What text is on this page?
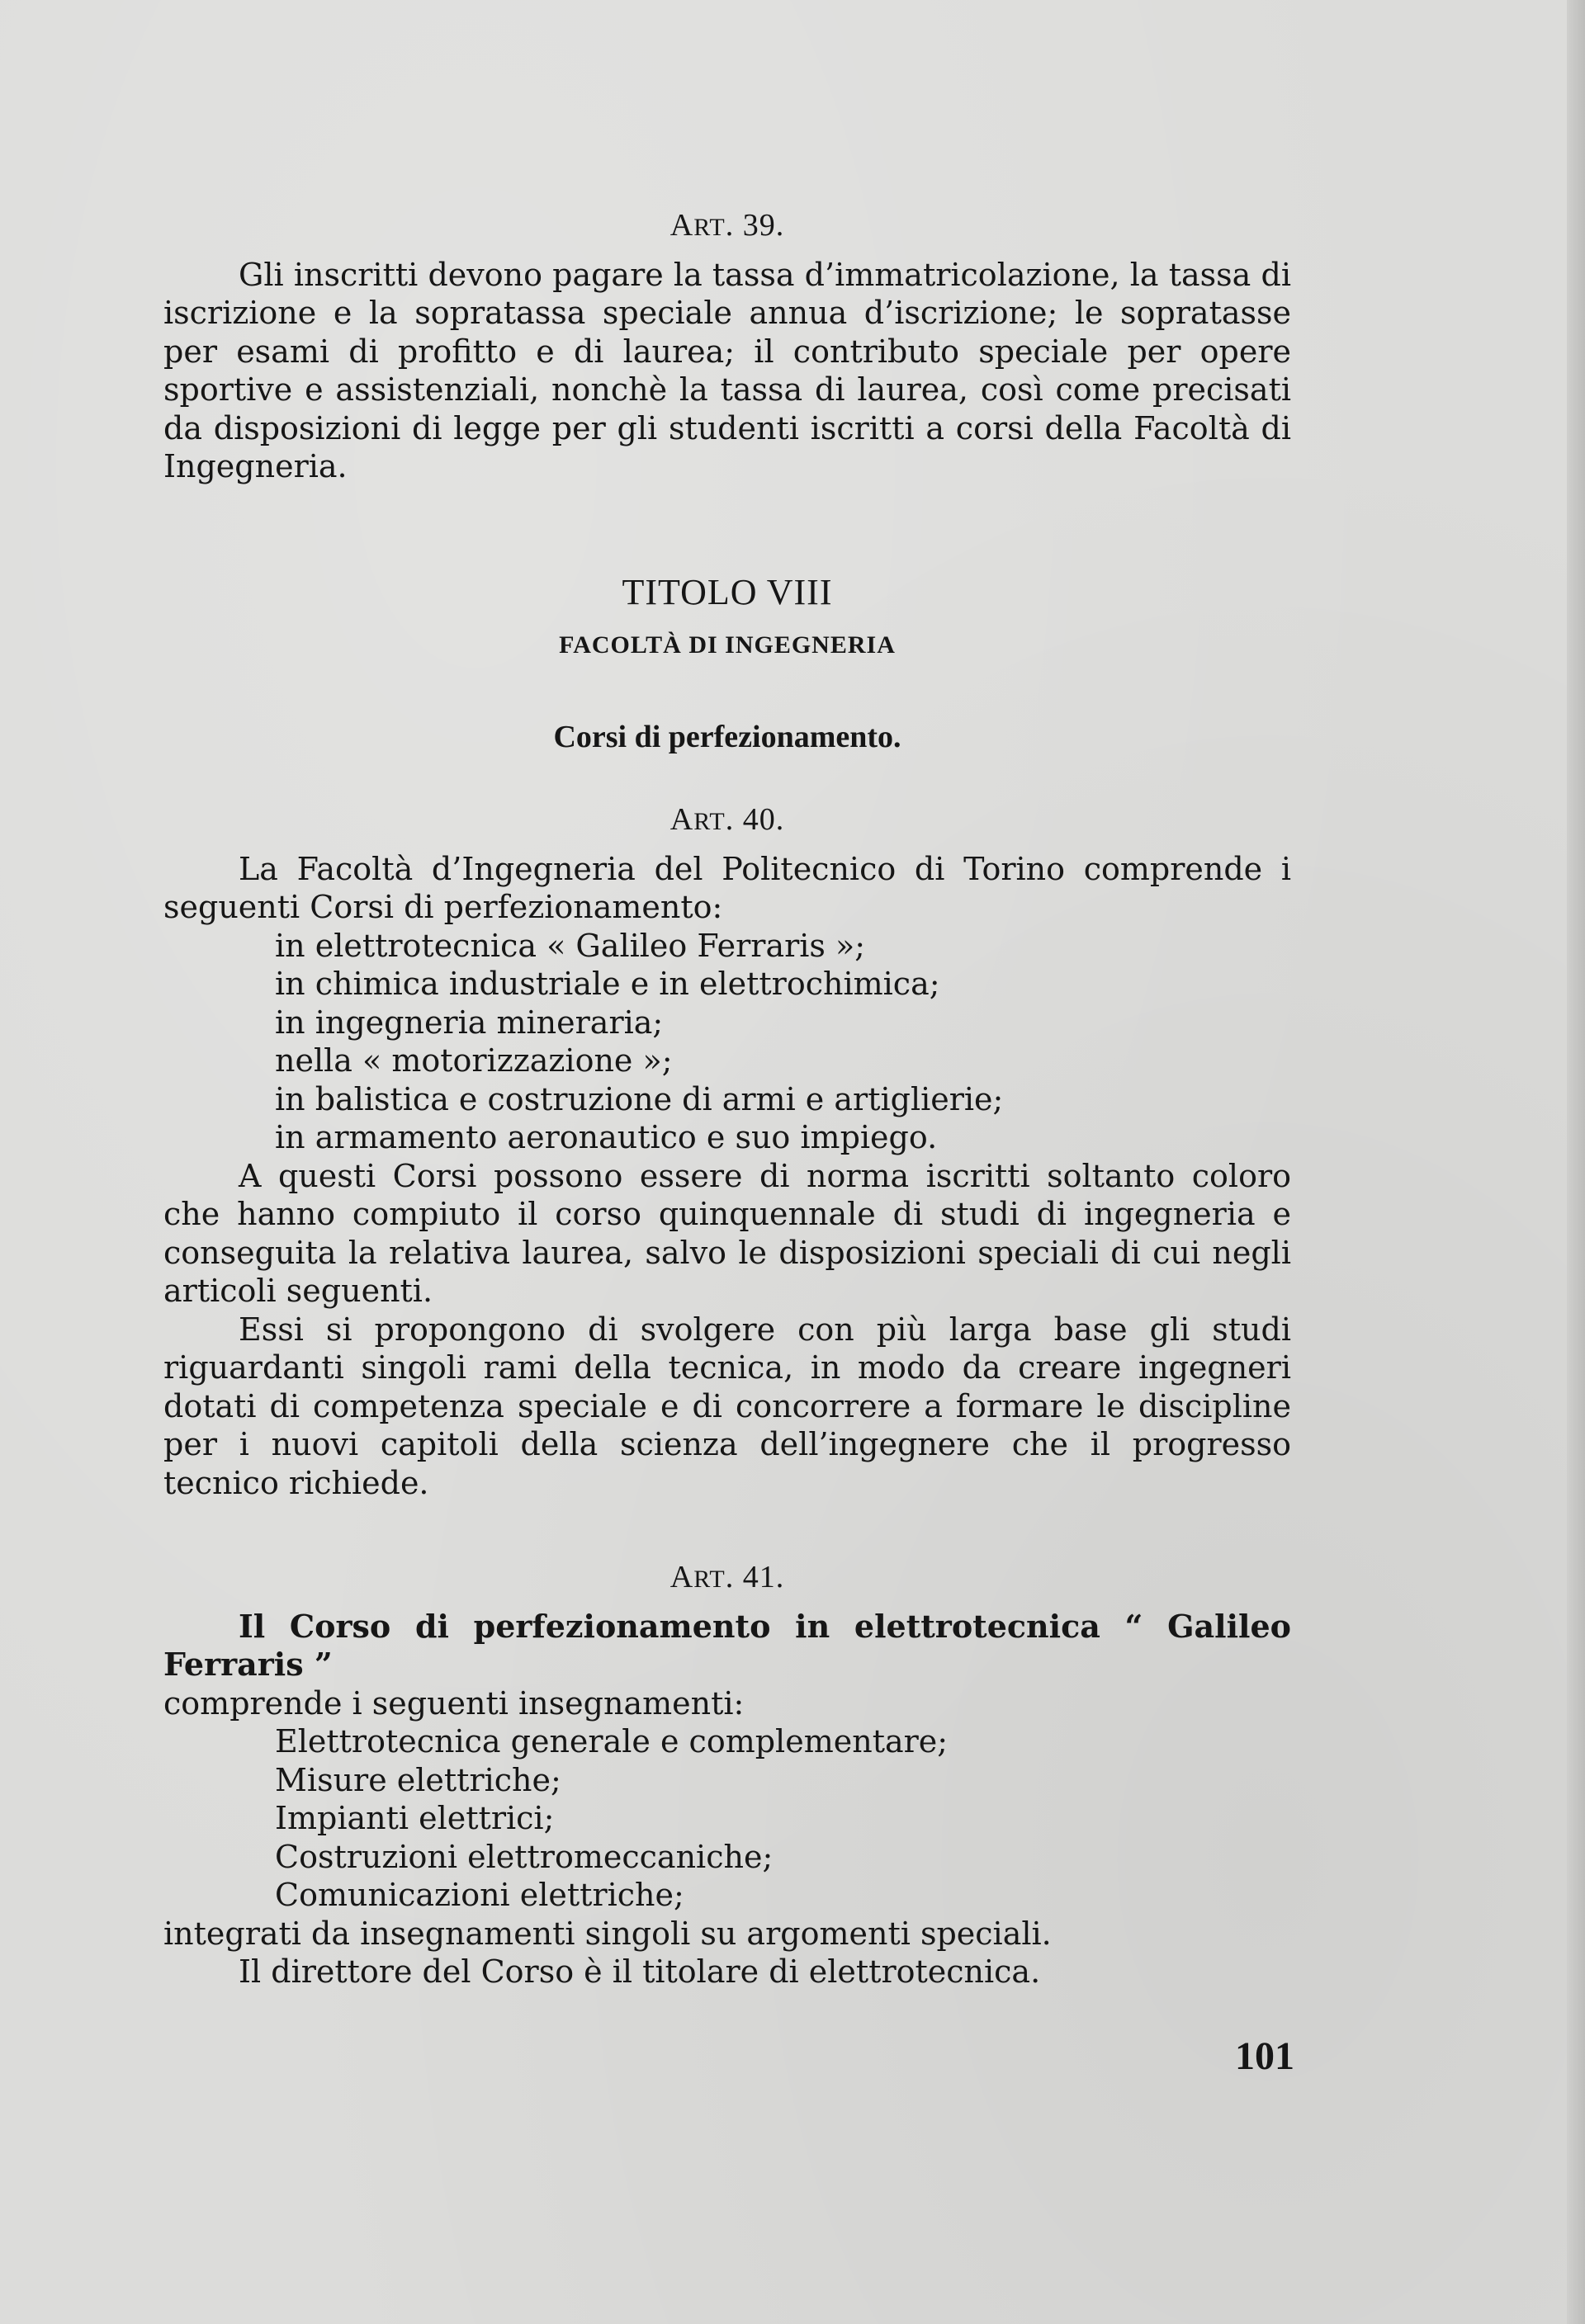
ART. 39.

Gli inscritti devono pagare la tassa d’immatricolazione, la tassa di iscrizione e la sopratassa speciale annua d’iscrizione; le sopratasse per esami di profitto e di laurea; il contributo speciale per opere sportive e assistenziali, nonchè la tassa di laurea, così come precisati da disposizioni di legge per gli studenti iscritti a corsi della Facoltà di Ingegneria.

TITOLO VIII
FACOLTÀ DI INGEGNERIA
Corsi di perfezionamento.
ART. 40.

La Facoltà d’Ingegneria del Politecnico di Torino comprende i seguenti Corsi di perfezionamento:

in elettrotecnica « Galileo Ferraris »;
in chimica industriale e in elettrochimica;
in ingegneria mineraria;
nella « motorizzazione »;
in balistica e costruzione di armi e artiglierie;
in armamento aeronautico e suo impiego.

A questi Corsi possono essere di norma iscritti soltanto coloro che hanno compiuto il corso quinquennale di studi di ingegneria e conseguita la relativa laurea, salvo le disposizioni speciali di cui negli articoli seguenti.

Essi si propongono di svolgere con più larga base gli studi riguardanti singoli rami della tecnica, in modo da creare ingegneri dotati di competenza speciale e di concorrere a formare le discipline per i nuovi capitoli della scienza dell’ingegnere che il progresso tecnico richiede.

ART. 41.

Il Corso di perfezionamento in elettrotecnica “ Galileo Ferraris ”

comprende i seguenti insegnamenti:

Elettrotecnica generale e complementare;
Misure elettriche;
Impianti elettrici;
Costruzioni elettromeccaniche;
Comunicazioni elettriche;

integrati da insegnamenti singoli su argomenti speciali.

Il direttore del Corso è il titolare di elettrotecnica.

101
